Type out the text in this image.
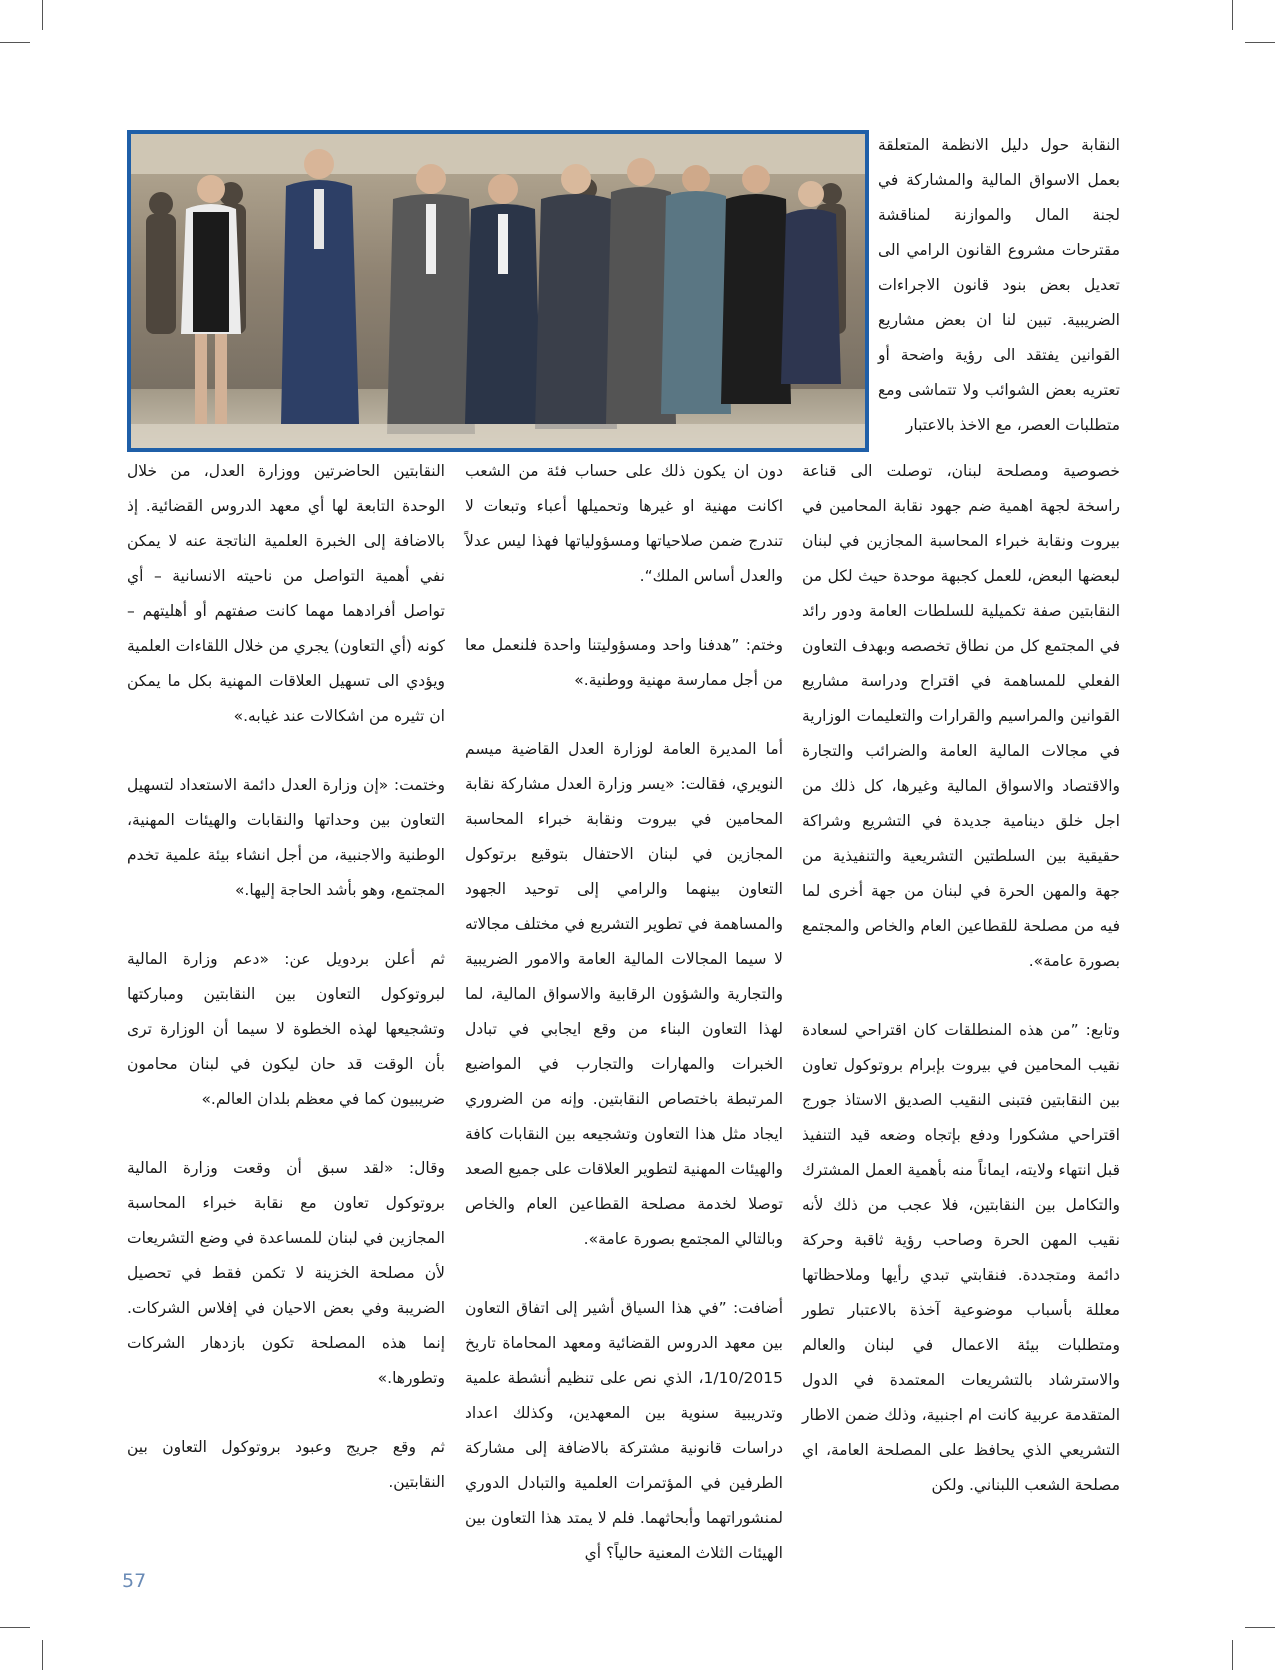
النقابة حول دليل الانظمة المتعلقة بعمل الاسواق المالية والمشاركة في لجنة المال والموازنة لمناقشة مقترحات مشروع القانون الرامي الى تعديل بعض بنود قانون الاجراءات الضريبية. تبين لنا ان بعض مشاريع القوانين يفتقد الى رؤية واضحة أو تعتريه بعض الشوائب ولا تتماشى ومع متطلبات العصر، مع الاخذ بالاعتبار

خصوصية ومصلحة لبنان، توصلت الى قناعة راسخة لجهة اهمية ضم جهود نقابة المحامين في بيروت ونقابة خبراء المحاسبة المجازين في لبنان لبعضها البعض، للعمل كجبهة موحدة حيث لكل من النقابتين صفة تكميلية للسلطات العامة ودور رائد في المجتمع كل من نطاق تخصصه وبهدف التعاون الفعلي للمساهمة في اقتراح ودراسة مشاريع القوانين والمراسيم والقرارات والتعليمات الوزارية في مجالات المالية العامة والضرائب والتجارة والاقتصاد والاسواق المالية وغيرها، كل ذلك من اجل خلق دينامية جديدة في التشريع وشراكة حقيقية بين السلطتين التشريعية والتنفيذية من جهة والمهن الحرة في لبنان من جهة أخرى لما فيه من مصلحة للقطاعين العام والخاص والمجتمع بصورة عامة».

وتابع: ”من هذه المنطلقات كان اقتراحي لسعادة نقيب المحامين في بيروت بإبرام بروتوكول تعاون بين النقابتين فتبنى النقيب الصديق الاستاذ جورج اقتراحي مشكورا ودفع بإتجاه وضعه قيد التنفيذ قبل انتهاء ولايته، ايماناً منه بأهمية العمل المشترك والتكامل بين النقابتين، فلا عجب من ذلك لأنه نقيب المهن الحرة وصاحب رؤية ثاقبة وحركة دائمة ومتجددة. فنقابتي تبدي رأيها وملاحظاتها معللة بأسباب موضوعية آخذة بالاعتبار تطور ومتطلبات بيئة الاعمال في لبنان والعالم والاسترشاد بالتشريعات المعتمدة في الدول المتقدمة عربية كانت ام اجنبية، وذلك ضمن الاطار التشريعي الذي يحافظ على المصلحة العامة، اي مصلحة الشعب اللبناني. ولكن

دون ان يكون ذلك على حساب فئة من الشعب اكانت مهنية او غيرها وتحميلها أعباء وتبعات لا تندرج ضمن صلاحياتها ومسؤولياتها فهذا ليس عدلاً والعدل أساس الملك“.

وختم: ”هدفنا واحد ومسؤوليتنا واحدة فلنعمل معا من أجل ممارسة مهنية ووطنية.»

أما المديرة العامة لوزارة العدل القاضية ميسم النويري، فقالت: «يسر وزارة العدل مشاركة نقابة المحامين في بيروت ونقابة خبراء المحاسبة المجازين في لبنان الاحتفال بتوقيع برتوكول التعاون بينهما والرامي إلى توحيد الجهود والمساهمة في تطوير التشريع في مختلف مجالاته لا سيما المجالات المالية العامة والامور الضريبية والتجارية والشؤون الرقابية والاسواق المالية، لما لهذا التعاون البناء من وقع ايجابي في تبادل الخبرات والمهارات والتجارب في المواضيع المرتبطة باختصاص النقابتين. وإنه من الضروري ايجاد مثل هذا التعاون وتشجيعه بين النقابات كافة والهيئات المهنية لتطوير العلاقات على جميع الصعد توصلا لخدمة مصلحة القطاعين العام والخاص وبالتالي المجتمع بصورة عامة».

أضافت: ”في هذا السياق أشير إلى اتفاق التعاون بين معهد الدروس القضائية ومعهد المحاماة تاريخ 1/10/2015، الذي نص على تنظيم أنشطة علمية وتدريبية سنوية بين المعهدين، وكذلك اعداد دراسات قانونية مشتركة بالاضافة إلى مشاركة الطرفين في المؤتمرات العلمية والتبادل الدوري لمنشوراتهما وأبحاثهما. فلم لا يمتد هذا التعاون بين الهيئات الثلاث المعنية حالياً؟ أي

النقابتين الحاضرتين ووزارة العدل، من خلال الوحدة التابعة لها أي معهد الدروس القضائية. إذ بالاضافة إلى الخبرة العلمية الناتجة عنه لا يمكن نفي أهمية التواصل من ناحيته الانسانية – أي تواصل أفرادهما مهما كانت صفتهم أو أهليتهم – كونه (أي التعاون) يجري من خلال اللقاءات العلمية ويؤدي الى تسهيل العلاقات المهنية بكل ما يمكن ان تثيره من اشكالات عند غيابه.»

وختمت: «إن وزارة العدل دائمة الاستعداد لتسهيل التعاون بين وحداتها والنقابات والهيئات المهنية، الوطنية والاجنبية، من أجل انشاء بيئة علمية تخدم المجتمع، وهو بأشد الحاجة إليها.»

ثم أعلن بردويل عن: «دعم وزارة المالية لبروتوكول التعاون بين النقابتين ومباركتها وتشجيعها لهذه الخطوة لا سيما أن الوزارة ترى بأن الوقت قد حان ليكون في لبنان محامون ضريبيون كما في معظم بلدان العالم.»

وقال: «لقد سبق أن وقعت وزارة المالية بروتوكول تعاون مع نقابة خبراء المحاسبة المجازين في لبنان للمساعدة في وضع التشريعات لأن مصلحة الخزينة لا تكمن فقط في تحصيل الضريبة وفي بعض الاحيان في إفلاس الشركات. إنما هذه المصلحة تكون بازدهار الشركات وتطورها.»

ثم وقع جريج وعبود بروتوكول التعاون بين النقابتين.

57
